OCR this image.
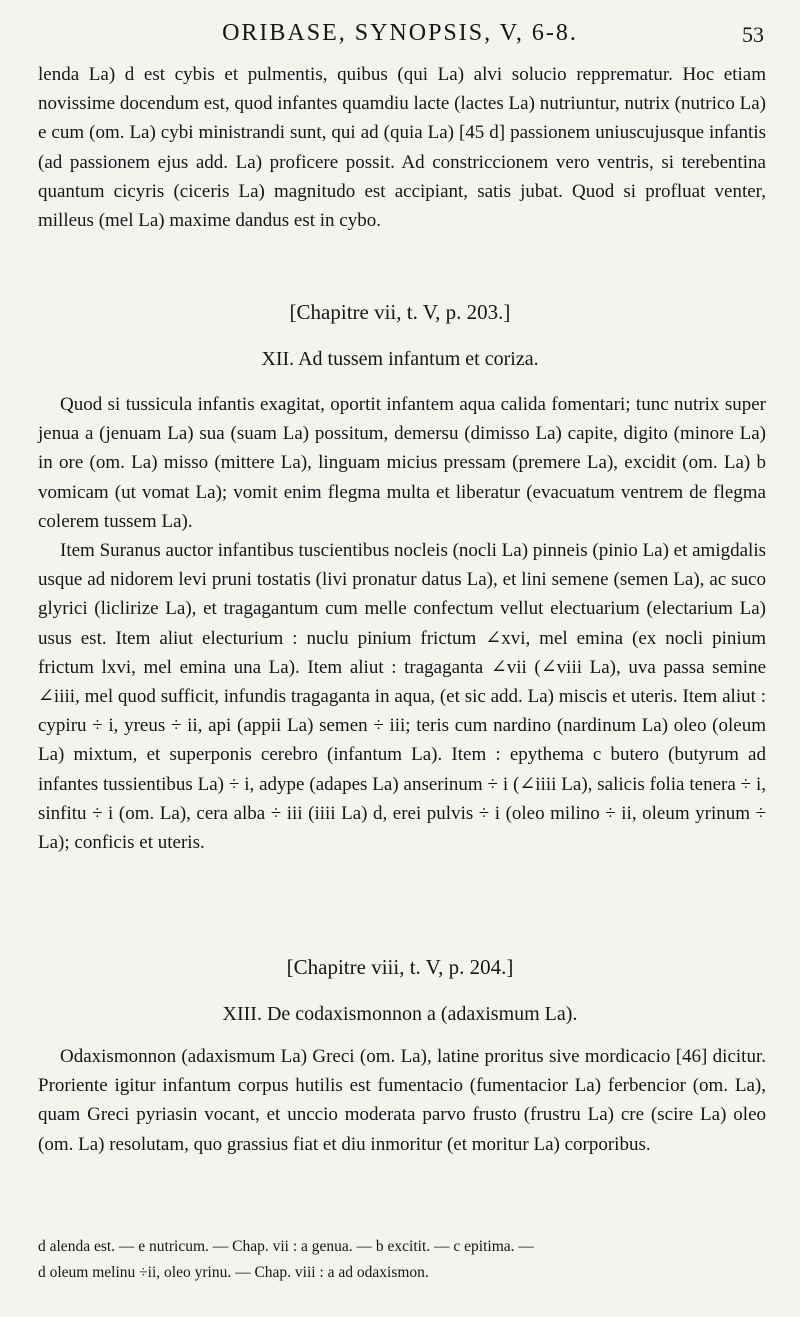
ORIBASE, SYNOPSIS, V, 6-8.	53

lenda La) d est cybis et pulmentis, quibus (qui La) alvi solucio repprematur. Hoc etiam novissime docendum est, quod infantes quamdiu lacte (lactes La) nutriuntur, nutrix (nutrico La) e cum (om. La) cybi ministrandi sunt, qui ad (quia La) [45 d] passionem uniuscujusque infantis (ad passionem ejus add. La) proficere possit. Ad constriccionem vero ventris, si terebentina quantum cicyris (ciceris La) magnitudo est accipiant, satis jubat. Quod si profluat venter, milleus (mel La) maxime dandus est in cybo.

[Chapitre vii, t. V, p. 203.]
XII. Ad tussem infantum et coriza.

Quod si tussicula infantis exagitat, oportit infantem aqua calida fomentari; tunc nutrix super jenua a (jenuam La) sua (suam La) possitum, demersu (dimisso La) capite, digito (minore La) in ore (om. La) misso (mittere La), linguam micius pressam (premere La), excidit (om. La) b vomicam (ut vomat La); vomit enim flegma multa et liberatur (evacuatum ventrem de flegma colerem tussem La).

Item Suranus auctor infantibus tuscientibus nocleis (nocli La) pinneis (pinio La) et amigdalis usque ad nidorem levi pruni tostatis (livi pronatur datus La), et lini semene (semen La), ac suco glyrici (liclirize La), et tragagantum cum melle confectum vellut electuarium (electarium La) usus est. Item aliut electurium : nuclu pinium frictum ∠xvi, mel emina (ex nocli pinium frictum lxvi, mel emina una La). Item aliut : tragaganta ∠vii (∠viii La), uva passa semine ∠iiii, mel quod sufficit, infundis tragaganta in aqua, (et sic add. La) miscis et uteris. Item aliut : cypiru ÷ i, yreus ÷ ii, api (appii La) semen ÷ iii; teris cum nardino (nardinum La) oleo (oleum La) mixtum, et superponis cerebro (infantum La). Item : epythema c butero (butyrum ad infantes tussientibus La) ÷ i, adype (adapes La) anserinum ÷ i (∠iiii La), salicis folia tenera ÷ i, sinfitu ÷ i (om. La), cera alba ÷ iii (iiii La) d, erei pulvis ÷ i (oleo milino ÷ ii, oleum yrinum ÷ La); conficis et uteris.

[Chapitre viii, t. V, p. 204.]
XIII. De codaxismonnon a (adaxismum La).

Odaxismonnon (adaxismum La) Greci (om. La), latine proritus sive mordicacio [46] dicitur. Proriente igitur infantum corpus hutilis est fumentacio (fumentacior La) ferbencior (om. La), quam Greci pyriasin vocant, et unccio moderata parvo frusto (frustru La) cre (scire La) oleo (om. La) resolutam, quo grassius fiat et diu inmoritur (et moritur La) corporibus.

d alenda est. — e nutricum. — Chap. vii : a genua. — b excitit. — c epitima. —

d oleum melinu ÷ii, oleo yrinu. — Chap. viii : a ad odaxismon.
